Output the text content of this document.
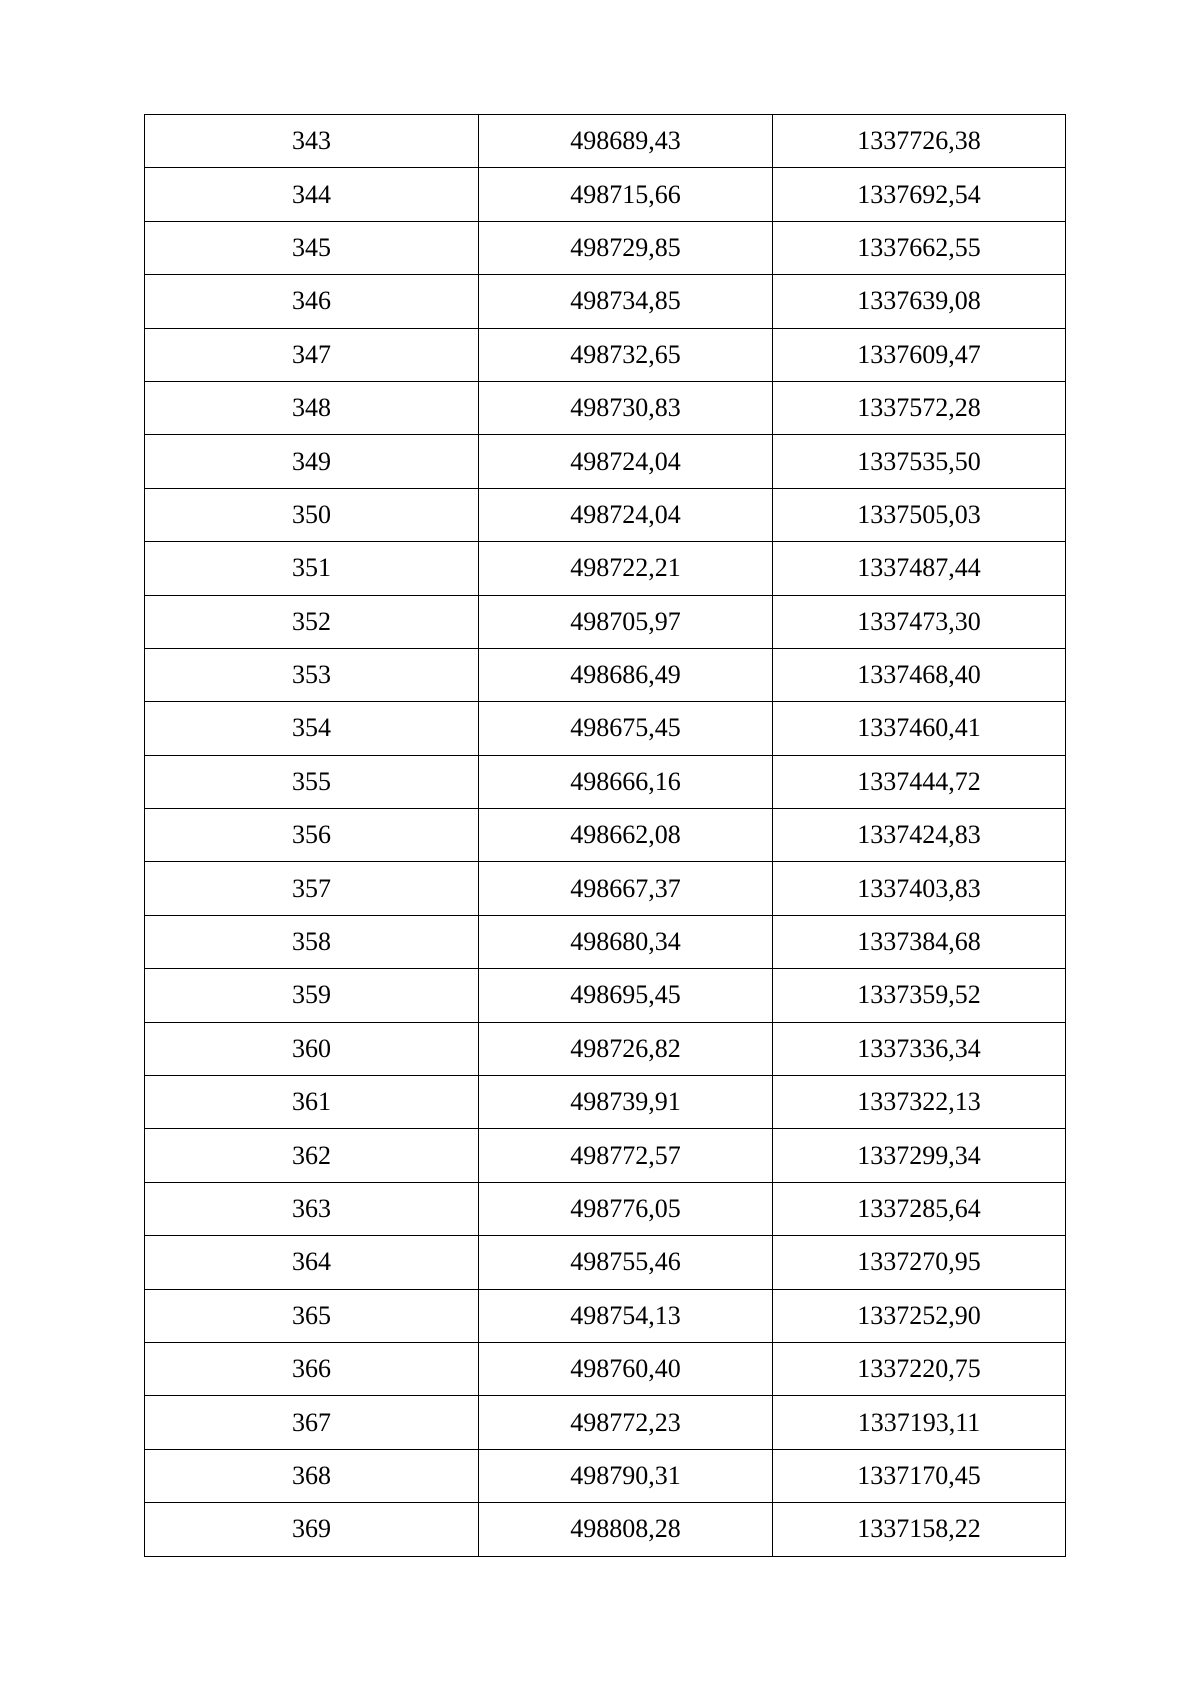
343	498689,43	1337726,38
344	498715,66	1337692,54
345	498729,85	1337662,55
346	498734,85	1337639,08
347	498732,65	1337609,47
348	498730,83	1337572,28
349	498724,04	1337535,50
350	498724,04	1337505,03
351	498722,21	1337487,44
352	498705,97	1337473,30
353	498686,49	1337468,40
354	498675,45	1337460,41
355	498666,16	1337444,72
356	498662,08	1337424,83
357	498667,37	1337403,83
358	498680,34	1337384,68
359	498695,45	1337359,52
360	498726,82	1337336,34
361	498739,91	1337322,13
362	498772,57	1337299,34
363	498776,05	1337285,64
364	498755,46	1337270,95
365	498754,13	1337252,90
366	498760,40	1337220,75
367	498772,23	1337193,11
368	498790,31	1337170,45
369	498808,28	1337158,22
